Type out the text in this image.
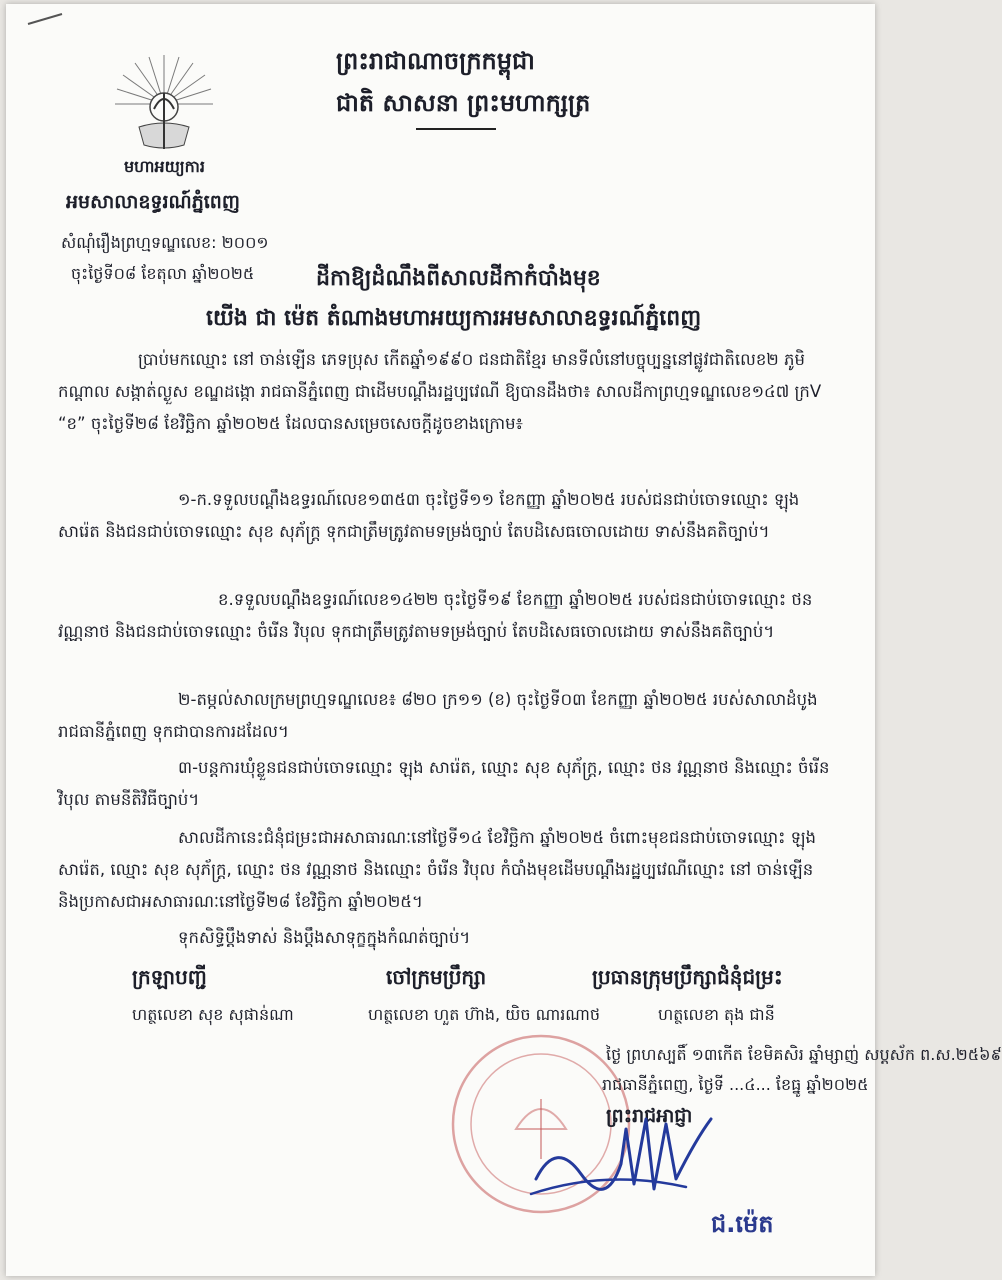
ព្រះរាជាណាចក្រកម្ពុជា
ជាតិ សាសនា ព្រះមហាក្សត្រ
មហាអយ្យការ
អមសាលាឧទ្ធរណ៍ភ្នំពេញ
សំណុំរឿងព្រហ្មទណ្ឌលេខ: ២០០១
ចុះថ្ងៃទី០៨ ខែតុលា ឆ្នាំ២០២៥	ដីកាឱ្យដំណឹងពីសាលដីកាកំបាំងមុខ
យើង ជា ម៉េត តំណាងមហាអយ្យការអមសាលាឧទ្ធរណ៍ភ្នំពេញ
ប្រាប់មកឈ្មោះ នៅ ចាន់ឡើន ភេទប្រុស កើតឆ្នាំ១៩៩០ ជនជាតិខ្មែរ មានទីលំនៅបច្ចុប្បន្ននៅផ្លូវជាតិលេខ២ ភូមិកណ្តាល សង្កាត់ល្ងួស ខណ្ឌដង្កោ រាជធានីភ្នំពេញ ជាដើមបណ្តឹងរដ្ឋប្បវេណី ឱ្យបានដឹងថា៖ សាលដីកាព្រហ្មទណ្ឌលេខ១៤៧ ក្រV “ខ” ចុះថ្ងៃទី២៨ ខែវិច្ឆិកា ឆ្នាំ២០២៥ ដែលបានសម្រេចសេចក្តីដូចខាងក្រោម៖
១-ក.ទទួលបណ្តឹងឧទ្ធរណ៍លេខ១៣៥៣ ចុះថ្ងៃទី១១ ខែកញ្ញា ឆ្នាំ២០២៥ របស់ជនជាប់ចោទឈ្មោះ ឡុង សារ៉េត និងជនជាប់ចោទឈ្មោះ សុខ សុភ័ក្រ្ត ទុកជាត្រឹមត្រូវតាមទម្រង់ច្បាប់ តែបដិសេធចោលដោយ ទាស់នឹងគតិច្បាប់។
ខ.ទទួលបណ្តឹងឧទ្ធរណ៍លេខ១៤២២ ចុះថ្ងៃទី១៩ ខែកញ្ញា ឆ្នាំ២០២៥ របស់ជនជាប់ចោទឈ្មោះ ថន វណ្ណនាថ និងជនជាប់ចោទឈ្មោះ ចំរើន វិបុល ទុកជាត្រឹមត្រូវតាមទម្រង់ច្បាប់ តែបដិសេធចោលដោយ ទាស់នឹងគតិច្បាប់។
២-តម្កល់សាលក្រមព្រហ្មទណ្ឌលេខ៖ ៨២០ ក្រ១១ (ខ) ចុះថ្ងៃទី០៣ ខែកញ្ញា ឆ្នាំ២០២៥ របស់សាលាដំបូងរាជធានីភ្នំពេញ ទុកជាបានការដដែល។
៣-បន្តការឃុំខ្លួនជនជាប់ចោទឈ្មោះ ឡុង សារ៉េត, ឈ្មោះ សុខ សុភ័ក្រ្ត, ឈ្មោះ ថន វណ្ណនាថ និងឈ្មោះ ចំរើន វិបុល តាមនីតិវិធីច្បាប់។
សាលដីកានេះជំនុំជម្រះជាអសាធារណៈនៅថ្ងៃទី១៤ ខែវិច្ឆិកា ឆ្នាំ២០២៥ ចំពោះមុខជនជាប់ចោទឈ្មោះ ឡុង សារ៉េត, ឈ្មោះ សុខ សុភ័ក្រ្ត, ឈ្មោះ ថន វណ្ណនាថ និងឈ្មោះ ចំរើន វិបុល កំបាំងមុខដើមបណ្តឹងរដ្ឋប្បវេណីឈ្មោះ នៅ ចាន់ឡើន និងប្រកាសជាអសាធារណៈនៅថ្ងៃទី២៨ ខែវិច្ឆិកា ឆ្នាំ២០២៥។
ទុកសិទ្ធិប្តឹងទាស់ និងប្តឹងសាទុក្ខក្នុងកំណត់ច្បាប់។
ក្រឡាបញ្ជី	ចៅក្រមប្រឹក្សា	ប្រធានក្រុមប្រឹក្សាជំនុំជម្រះ
ហត្ថលេខា សុខ សុផាន់ណា	ហត្ថលេខា ហួត ហ៊ាង, យិច ណារណាថ	ហត្ថលេខា តុង ជានី
ថ្ងៃ ព្រហស្បតិ៍ ១៣កើត ខែមិគសិរ ឆ្នាំម្សាញ់ សប្តស័ក ព.ស.២៥៦៩
រាជធានីភ្នំពេញ, ថ្ងៃទី ...៤... ខែធ្នូ ឆ្នាំ២០២៥
ព្រះរាជអាជ្ញា
ជ.ម៉េត
